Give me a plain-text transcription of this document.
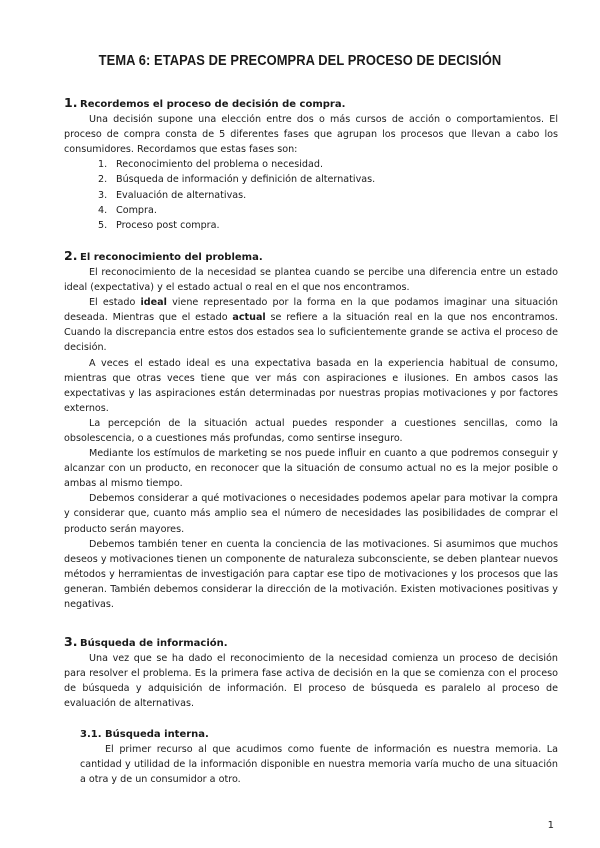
TEMA 6: ETAPAS DE PRECOMPRA DEL PROCESO DE DECISIÓN
1. Recordemos el proceso de decisión de compra.

Una decisión supone una elección entre dos o más cursos de acción o comportamientos. El proceso de compra consta de 5 diferentes fases que agrupan los procesos que llevan a cabo los consumidores. Recordamos que estas fases son:

1. Reconocimiento del problema o necesidad.
2. Búsqueda de información y definición de alternativas.
3. Evaluación de alternativas.
4. Compra.
5. Proceso post compra.
2. El reconocimiento del problema.

El reconocimiento de la necesidad se plantea cuando se percibe una diferencia entre un estado ideal (expectativa) y el estado actual o real en el que nos encontramos.

El estado ideal viene representado por la forma en la que podamos imaginar una situación deseada. Mientras que el estado actual se refiere a la situación real en la que nos encontramos. Cuando la discrepancia entre estos dos estados sea lo suficientemente grande se activa el proceso de decisión.

A veces el estado ideal es una expectativa basada en la experiencia habitual de consumo, mientras que otras veces tiene que ver más con aspiraciones e ilusiones. En ambos casos las expectativas y las aspiraciones están determinadas por nuestras propias motivaciones y por factores externos.

La percepción de la situación actual puedes responder a cuestiones sencillas, como la obsolescencia, o a cuestiones más profundas, como sentirse inseguro.

Mediante los estímulos de marketing se nos puede influir en cuanto a que podremos conseguir y alcanzar con un producto, en reconocer que la situación de consumo actual no es la mejor posible o ambas al mismo tiempo.

Debemos considerar a qué motivaciones o necesidades podemos apelar para motivar la compra y considerar que, cuanto más amplio sea el número de necesidades las posibilidades de comprar el producto serán mayores.

Debemos también tener en cuenta la conciencia de las motivaciones. Si asumimos que muchos deseos y motivaciones tienen un componente de naturaleza subconsciente, se deben plantear nuevos métodos y herramientas de investigación para captar ese tipo de motivaciones y los procesos que las generan. También debemos considerar la dirección de la motivación. Existen motivaciones positivas y negativas.

3. Búsqueda de información.

Una vez que se ha dado el reconocimiento de la necesidad comienza un proceso de decisión para resolver el problema. Es la primera fase activa de decisión en la que se comienza con el proceso de búsqueda y adquisición de información. El proceso de búsqueda es paralelo al proceso de evaluación de alternativas.

3.1. Búsqueda interna.

El primer recurso al que acudimos como fuente de información es nuestra memoria. La cantidad y utilidad de la información disponible en nuestra memoria varía mucho de una situación a otra y de un consumidor a otro.

1
